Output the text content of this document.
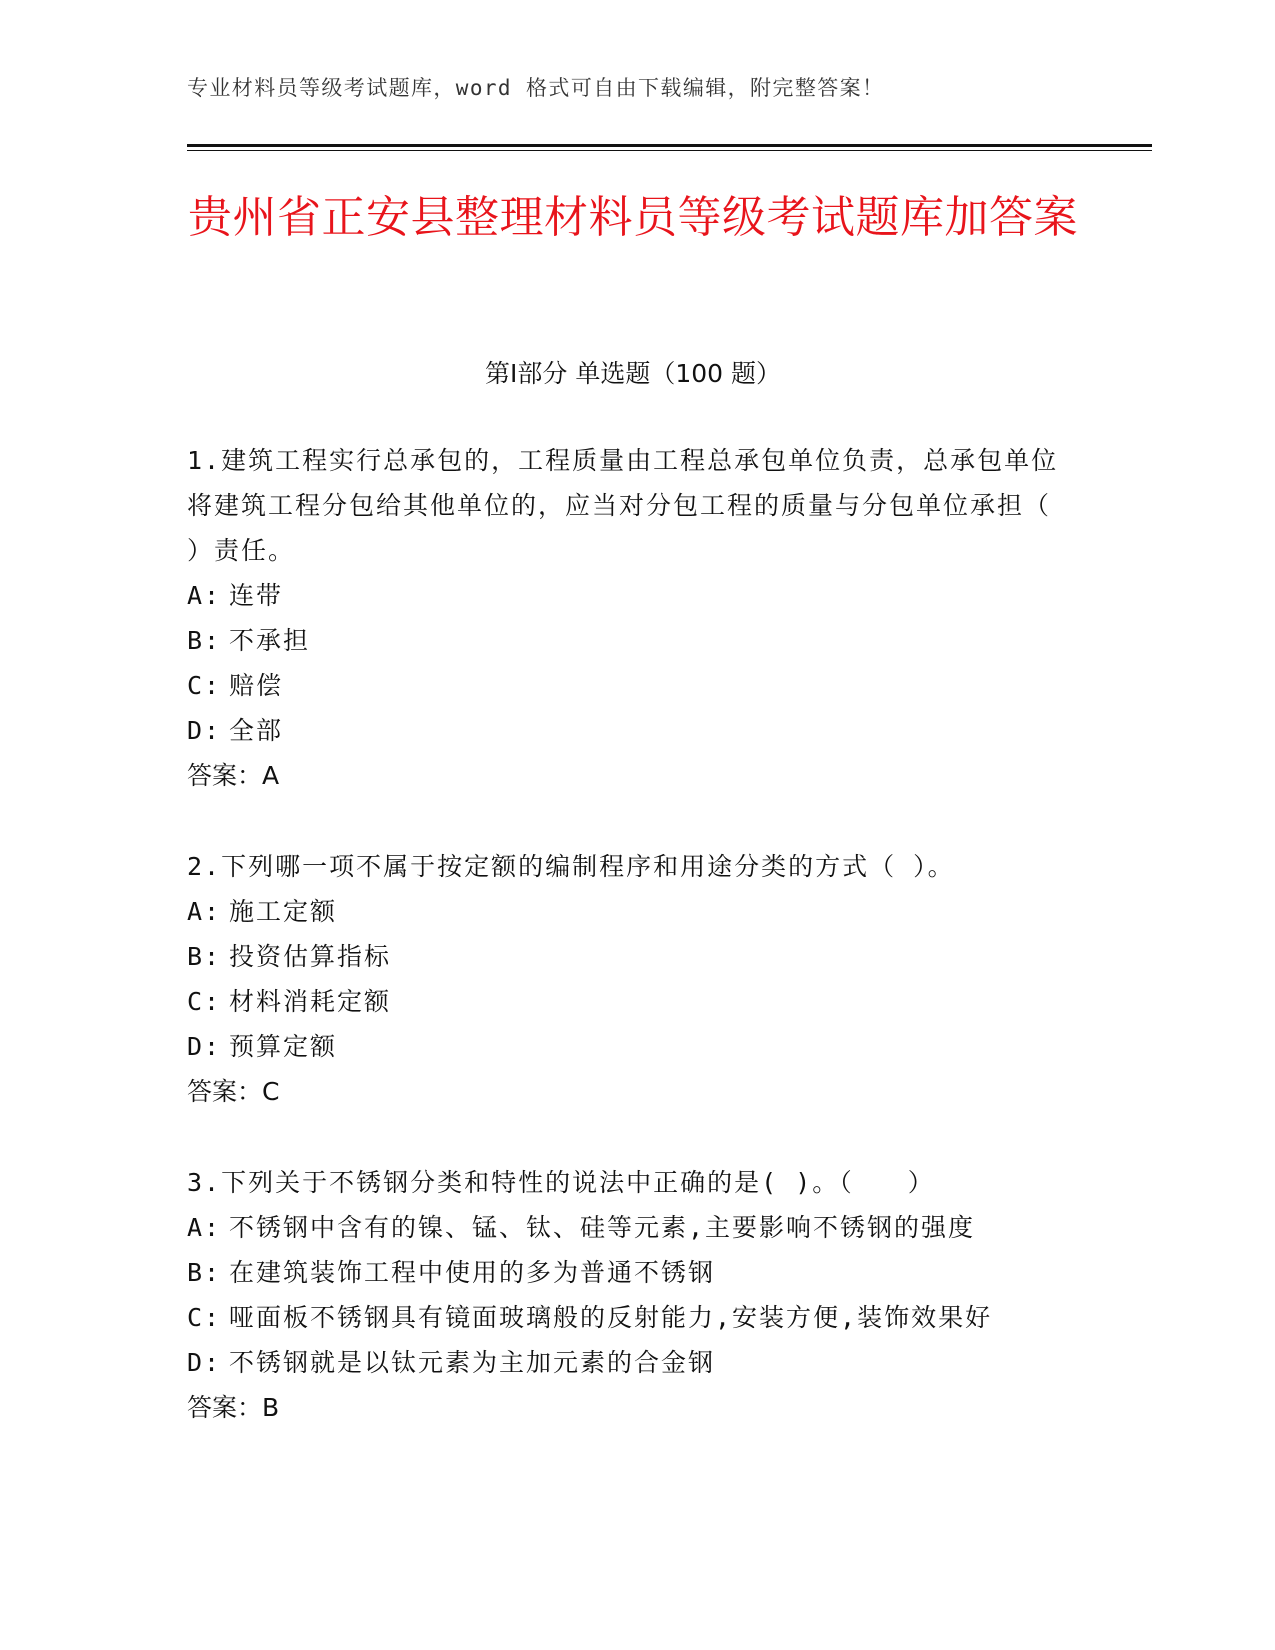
专业材料员等级考试题库，word 格式可自由下载编辑，附完整答案！
贵州省正安县整理材料员等级考试题库加答案
第Ⅰ部分 单选题（100 题）

1.建筑工程实行总承包的，工程质量由工程总承包单位负责，总承包单位将建筑工程分包给其他单位的，应当对分包工程的质量与分包单位承担（ ）责任。

A: 连带
B: 不承担
C: 赔偿
D: 全部
答案：A

2.下列哪一项不属于按定额的编制程序和用途分类的方式（ ）。

A: 施工定额
B: 投资估算指标
C: 材料消耗定额
D: 预算定额
答案：C

3.下列关于不锈钢分类和特性的说法中正确的是( )。（　　）

A: 不锈钢中含有的镍、锰、钛、硅等元素,主要影响不锈钢的强度
B: 在建筑装饰工程中使用的多为普通不锈钢
C: 哑面板不锈钢具有镜面玻璃般的反射能力,安装方便,装饰效果好
D: 不锈钢就是以钛元素为主加元素的合金钢
答案：B
